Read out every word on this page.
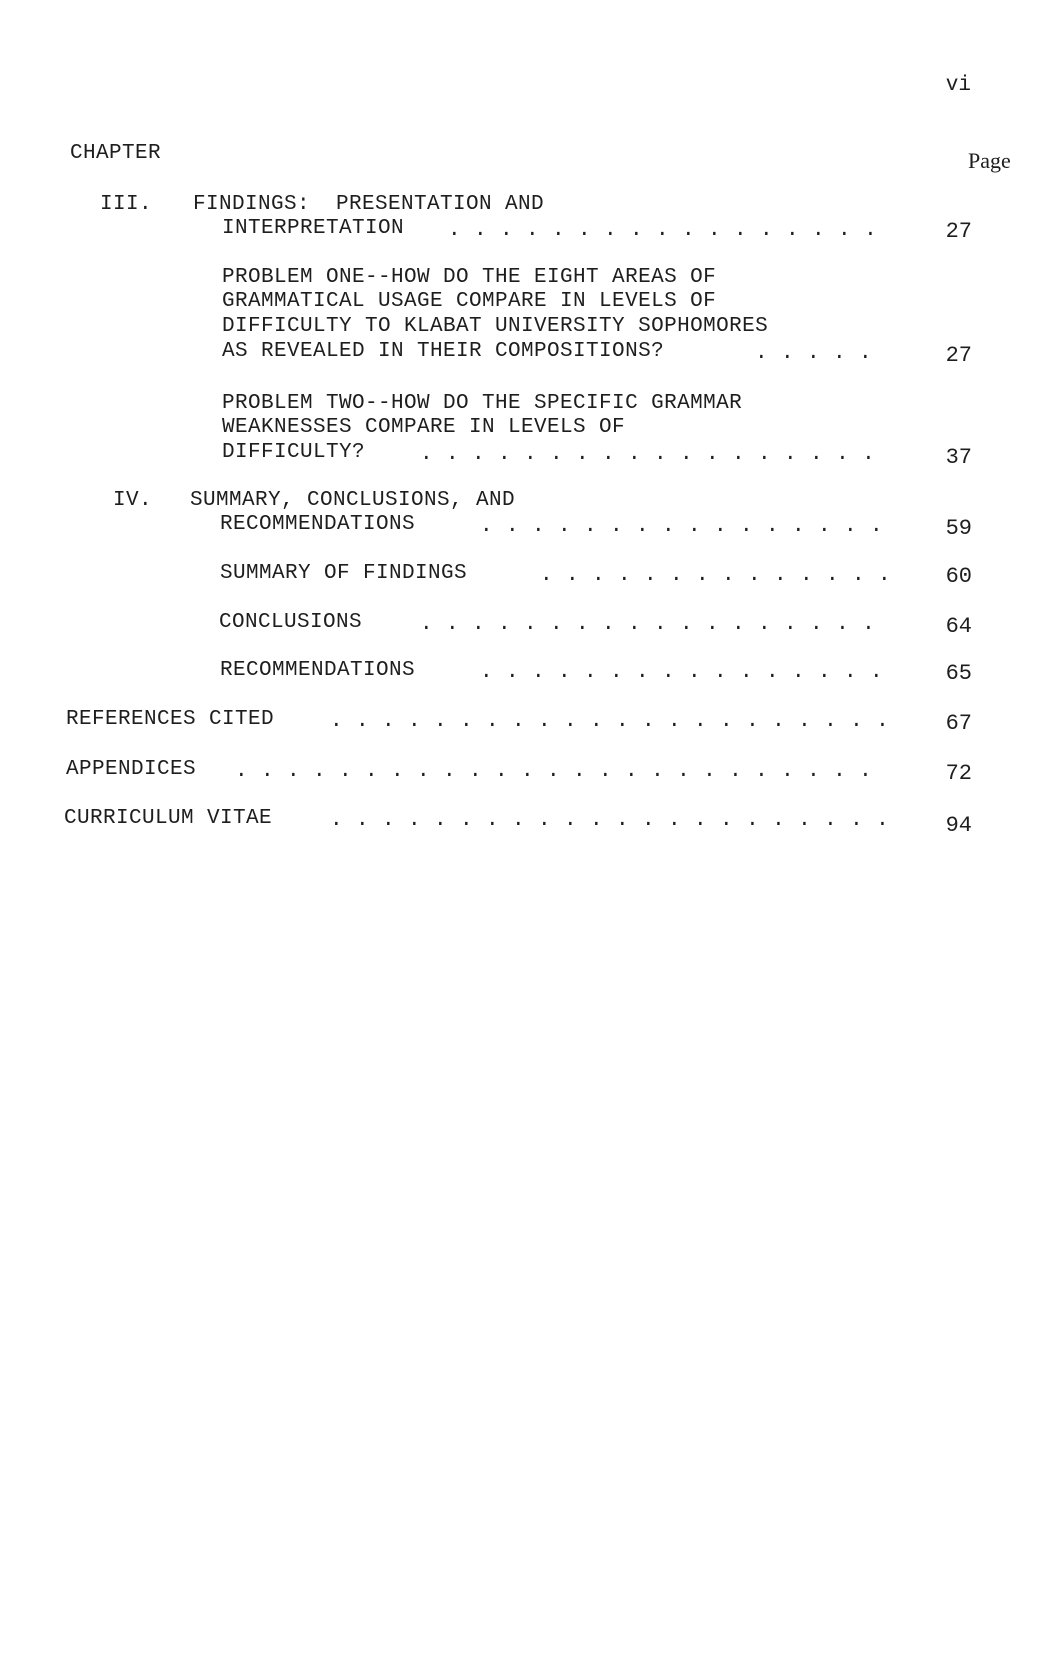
vi
CHAPTER	Page
III. FINDINGS:  PRESENTATION AND
INTERPRETATION . . .	27
PROBLEM ONE--HOW DO THE EIGHT AREAS OF
GRAMMATICAL USAGE COMPARE IN LEVELS OF
DIFFICULTY TO KLABAT UNIVERSITY SOPHOMORES
AS REVEALED IN THEIR COMPOSITIONS? . . .	27
PROBLEM TWO--HOW DO THE SPECIFIC GRAMMAR
WEAKNESSES COMPARE IN LEVELS OF
DIFFICULTY? . . .	37
IV. SUMMARY, CONCLUSIONS, AND
RECOMMENDATIONS . . .	59
SUMMARY OF FINDINGS . . .	60
CONCLUSIONS . . .	64
RECOMMENDATIONS . . .	65
REFERENCES CITED . . .	67
APPENDICES . . .	72
CURRICULUM VITAE . . .	94
